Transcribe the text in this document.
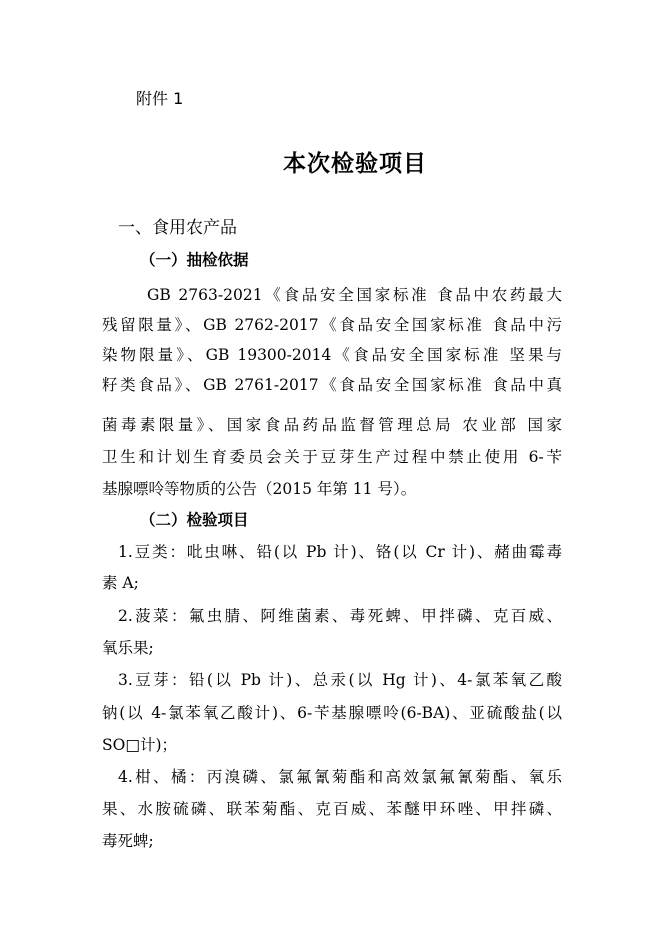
附件 1
本次检验项目
一、食用农产品
（一）抽检依据
GB 2763-2021《食品安全国家标准 食品中农药最大
残留限量》、GB 2762-2017《食品安全国家标准 食品中污
染物限量》、GB 19300-2014《食品安全国家标准 坚果与
籽类食品》、GB 2761-2017《食品安全国家标准 食品中真
菌毒素限量》、国家食品药品监督管理总局 农业部 国家
卫生和计划生育委员会关于豆芽生产过程中禁止使用 6-苄
基腺嘌呤等物质的公告（2015 年第 11 号）。
（二）检验项目
1.豆类：吡虫啉、铅(以 Pb 计)、铬(以 Cr 计)、赭曲霉毒
素 A;
2.菠菜：氟虫腈、阿维菌素、毒死蜱、甲拌磷、克百威、
氧乐果;
3.豆芽：铅(以 Pb 计)、总汞(以 Hg 计)、4-氯苯氧乙酸
钠(以 4-氯苯氧乙酸计)、6-苄基腺嘌呤(6-BA)、亚硫酸盐(以
SO□计)；
4.柑、橘：丙溴磷、氯氟氰菊酯和高效氯氟氰菊酯、氧乐
果、水胺硫磷、联苯菊酯、克百威、苯醚甲环唑、甲拌磷、
毒死蜱;
